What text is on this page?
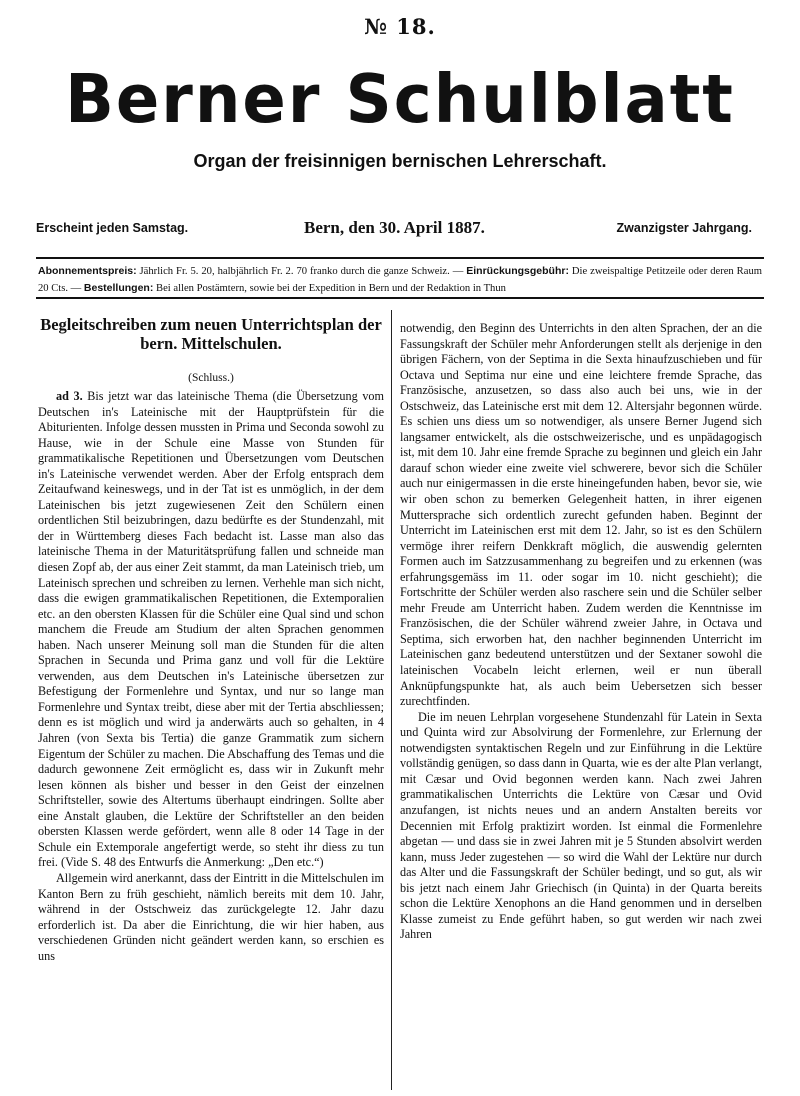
№ 18.
Berner Schulblatt
Organ der freisinnigen bernischen Lehrerschaft.
Erscheint jeden Samstag.	Bern, den 30. April 1887.	Zwanzigster Jahrgang.
Abonnementspreis: Jährlich Fr. 5. 20, halbjährlich Fr. 2. 70 franko durch die ganze Schweiz. — Einrückungsgebühr: Die zweispaltige Petitzeile oder deren Raum 20 Cts. — Bestellungen: Bei allen Postämtern, sowie bei der Expedition in Bern und der Redaktion in Thun
Begleitschreiben zum neuen Unterrichtsplan der bern. Mittelschulen.
(Schluss.)

ad 3. Bis jetzt war das lateinische Thema (die Übersetzung vom Deutschen in's Lateinische mit der Hauptprüfstein für die Abiturienten. Infolge dessen mussten in Prima und Seconda sowohl zu Hause, wie in der Schule eine Masse von Stunden für grammatikalische Repetitionen und Übersetzungen vom Deutschen in's Lateinische verwendet werden. Aber der Erfolg entsprach dem Zeitaufwand keineswegs, und in der Tat ist es unmöglich, in der dem Lateinischen bis jetzt zugewiesenen Zeit den Schülern einen ordentlichen Stil beizubringen, dazu bedürfte es der Stundenzahl, mit der in Württemberg dieses Fach bedacht ist. Lasse man also das lateinische Thema in der Maturitätsprüfung fallen und schneide man diesen Zopf ab, der aus einer Zeit stammt, da man Lateinisch trieb, um Lateinisch sprechen und schreiben zu lernen. Verhehle man sich nicht, dass die ewigen grammatikalischen Repetitionen, die Extemporalien etc. an den obersten Klassen für die Schüler eine Qual sind und schon manchem die Freude am Studium der alten Sprachen genommen haben. Nach unserer Meinung soll man die Stunden für die alten Sprachen in Secunda und Prima ganz und voll für die Lektüre verwenden, aus dem Deutschen in's Lateinische übersetzen zur Befestigung der Formenlehre und Syntax, und nur so lange man Formenlehre und Syntax treibt, diese aber mit der Tertia abschliessen; denn es ist möglich und wird ja anderwärts auch so gehalten, in 4 Jahren (von Sexta bis Tertia) die ganze Grammatik zum sichern Eigentum der Schüler zu machen. Die Abschaffung des Temas und die dadurch gewonnene Zeit ermöglicht es, dass wir in Zukunft mehr lesen können als bisher und besser in den Geist der einzelnen Schriftsteller, sowie des Altertums überhaupt eindringen. Sollte aber eine Anstalt glauben, die Lektüre der Schriftsteller an den beiden obersten Klassen werde gefördert, wenn alle 8 oder 14 Tage in der Schule ein Extemporale angefertigt werde, so steht ihr diess zu tun frei. (Vide S. 48 des Entwurfs die Anmerkung: „Den etc.“)

Allgemein wird anerkannt, dass der Eintritt in die Mittelschulen im Kanton Bern zu früh geschieht, nämlich bereits mit dem 10. Jahr, während in der Ostschweiz das zurückgelegte 12. Jahr dazu erforderlich ist. Da aber die Einrichtung, die wir hier haben, aus verschiedenen Gründen nicht geändert werden kann, so erschien es uns

notwendig, den Beginn des Unterrichts in den alten Sprachen, der an die Fassungskraft der Schüler mehr Anforderungen stellt als derjenige in den übrigen Fächern, von der Septima in die Sexta hinaufzuschieben und für Octava und Septima nur eine und eine leichtere fremde Sprache, das Französische, anzusetzen, so dass also auch bei uns, wie in der Ostschweiz, das Lateinische erst mit dem 12. Altersjahr begonnen würde. Es schien uns diess um so notwendiger, als unsere Berner Jugend sich langsamer entwickelt, als die ostschweizerische, und es unpädagogisch ist, mit dem 10. Jahr eine fremde Sprache zu beginnen und gleich ein Jahr darauf schon wieder eine zweite viel schwerere, bevor sich die Schüler auch nur einigermassen in die erste hineingefunden haben, bevor sie, wie wir oben schon zu bemerken Gelegenheit hatten, in ihrer eigenen Muttersprache sich ordentlich zurecht gefunden haben. Beginnt der Unterricht im Lateinischen erst mit dem 12. Jahr, so ist es den Schülern vermöge ihrer reifern Denkkraft möglich, die auswendig gelernten Formen auch im Satzzusammenhang zu begreifen und zu erkennen (was erfahrungsgemäss im 11. oder sogar im 10. nicht geschieht); die Fortschritte der Schüler werden also raschere sein und die Schüler selber mehr Freude am Unterricht haben. Zudem werden die Kenntnisse im Französischen, die der Schüler während zweier Jahre, in Octava und Septima, sich erworben hat, den nachher beginnenden Unterricht im Lateinischen ganz bedeutend unterstützen und der Sextaner sowohl die lateinischen Vocabeln leicht erlernen, weil er nun überall Anknüpfungspunkte hat, als auch beim Uebersetzen sich besser zurechtfinden.

Die im neuen Lehrplan vorgesehene Stundenzahl für Latein in Sexta und Quinta wird zur Absolvirung der Formenlehre, zur Erlernung der notwendigsten syntaktischen Regeln und zur Einführung in die Lektüre vollständig genügen, so dass dann in Quarta, wie es der alte Plan verlangt, mit Cæsar und Ovid begonnen werden kann. Nach zwei Jahren grammatikalischen Unterrichts die Lektüre von Cæsar und Ovid anzufangen, ist nichts neues und an andern Anstalten bereits vor Decennien mit Erfolg praktizirt worden. Ist einmal die Formenlehre abgetan — und dass sie in zwei Jahren mit je 5 Stunden absolvirt werden kann, muss Jeder zugestehen — so wird die Wahl der Lektüre nur durch das Alter und die Fassungskraft der Schüler bedingt, und so gut, als wir bis jetzt nach einem Jahr Griechisch (in Quinta) in der Quarta bereits schon die Lektüre Xenophons an die Hand genommen und in derselben Klasse zumeist zu Ende geführt haben, so gut werden wir nach zwei Jahren
